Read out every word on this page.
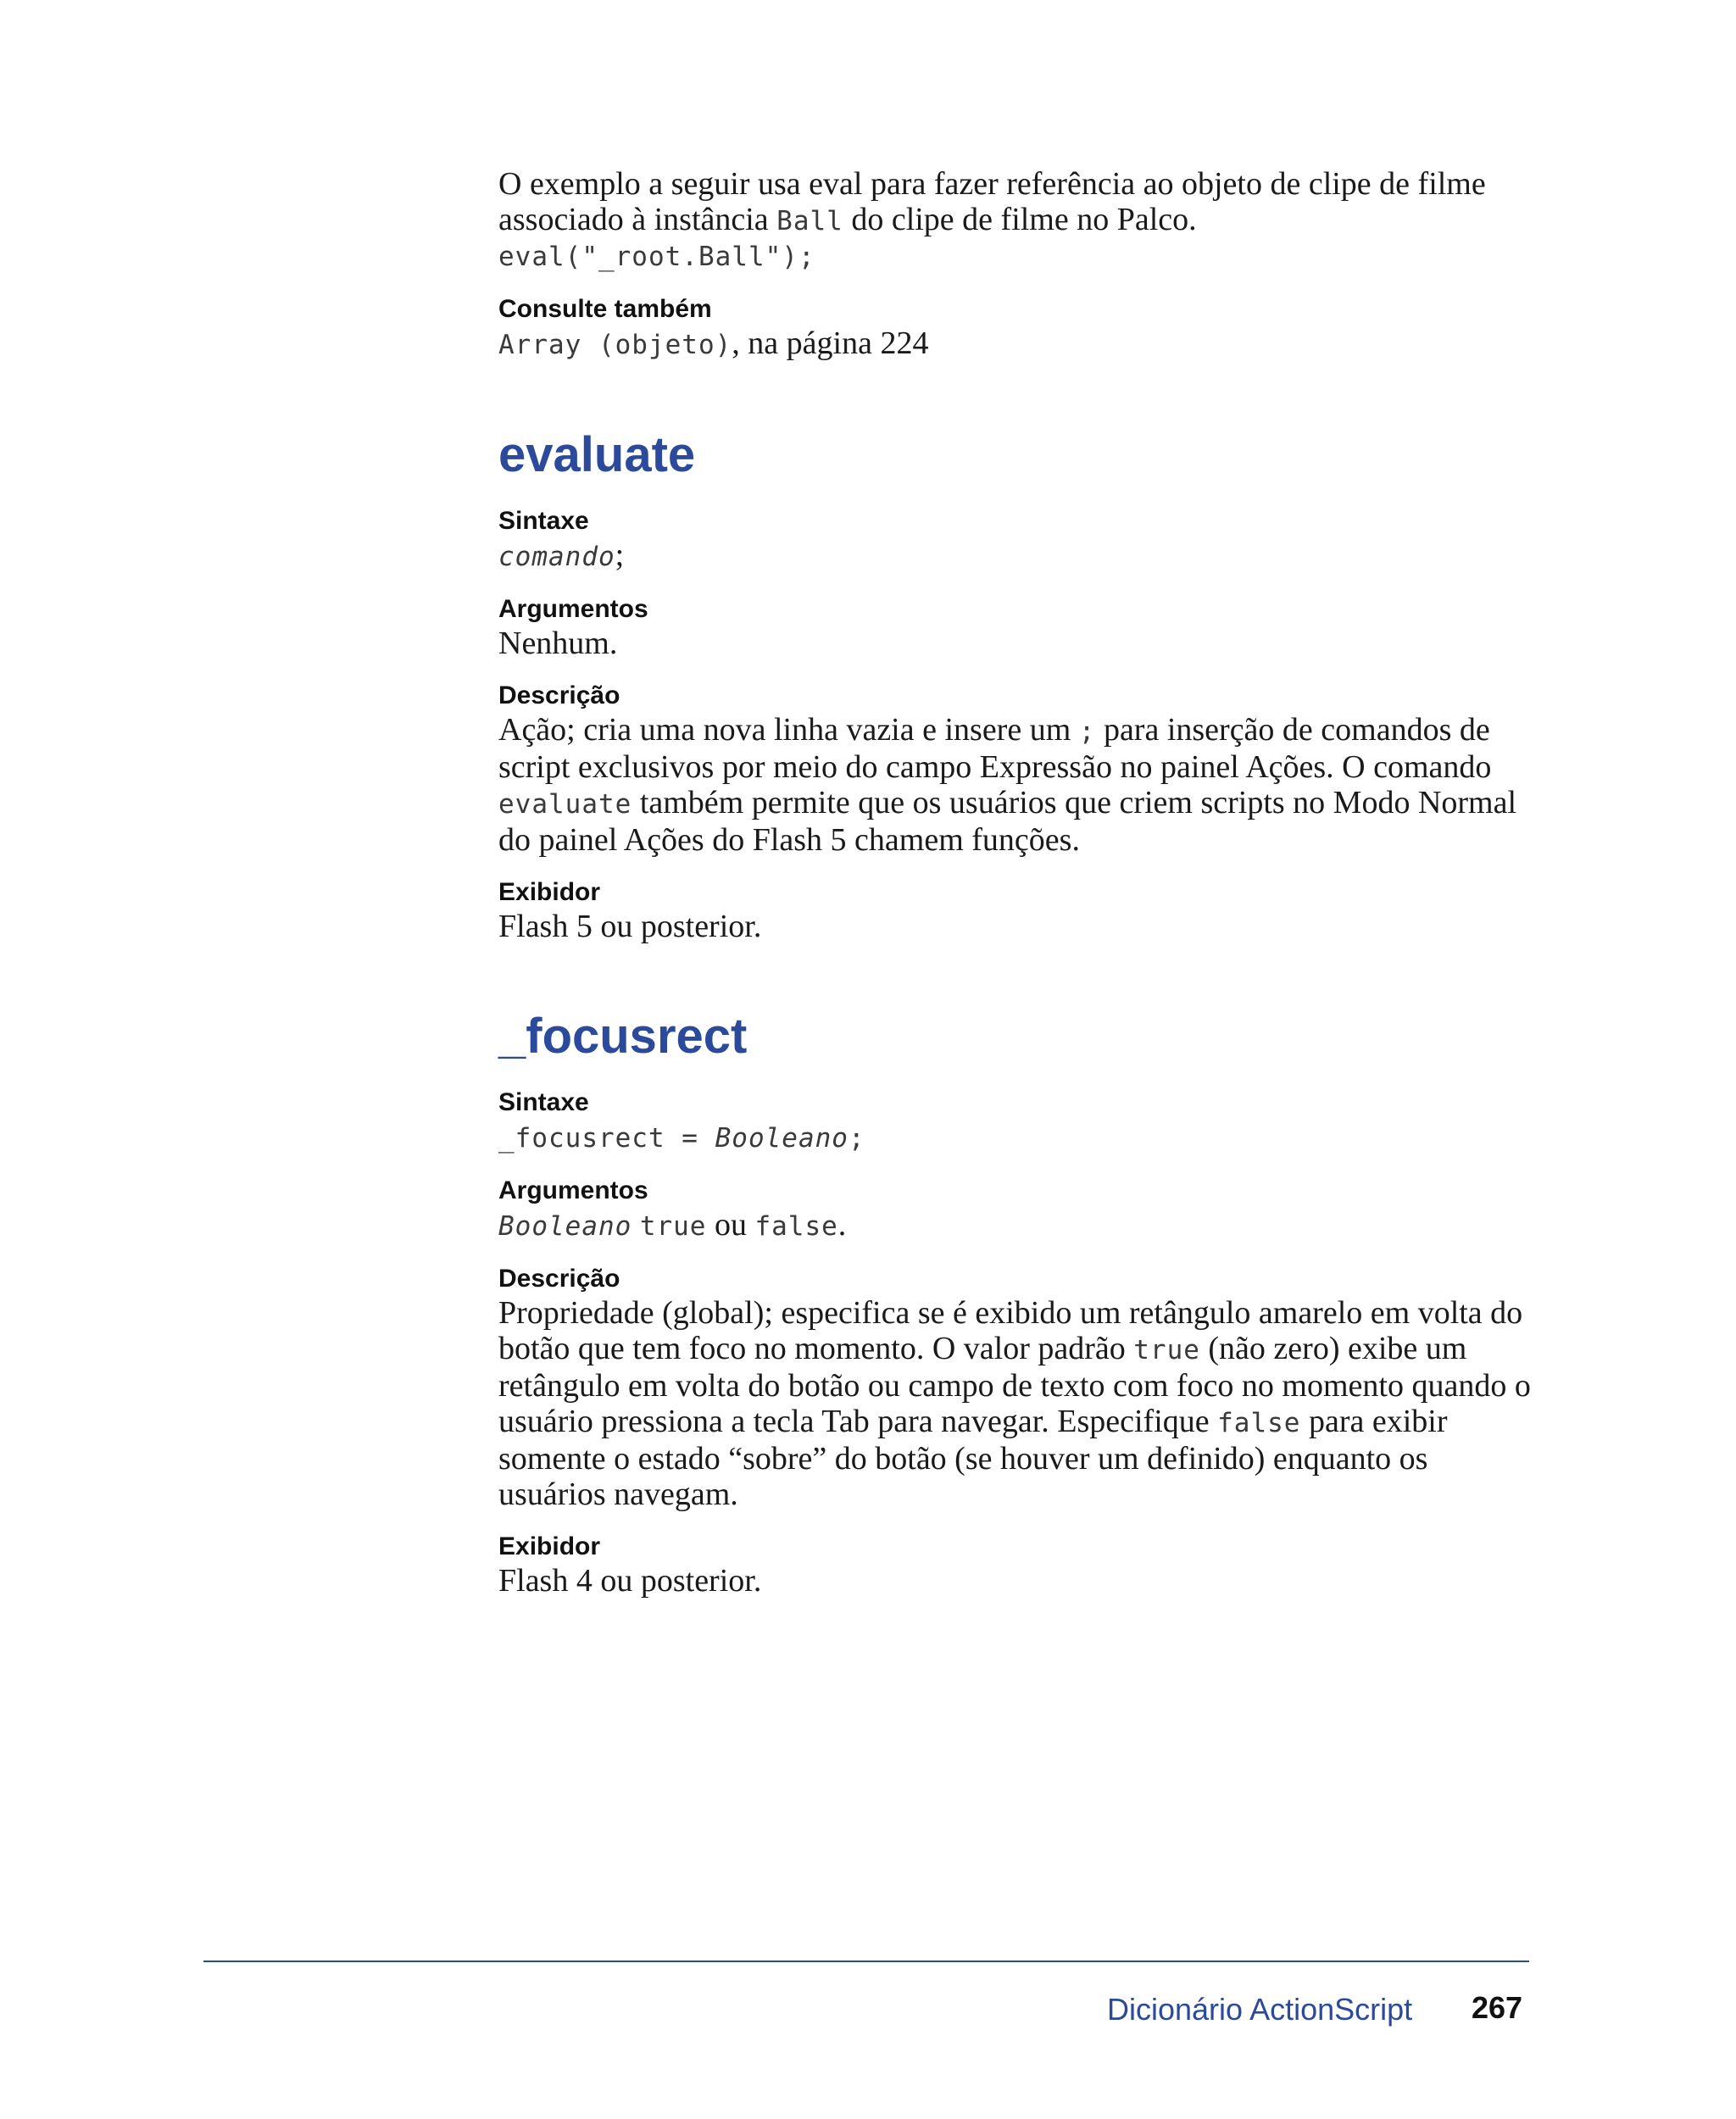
O exemplo a seguir usa eval para fazer referência ao objeto de clipe de filme associado à instância Ball do clipe de filme no Palco.

eval("_root.Ball");

Consulte também

Array (objeto), na página 224

evaluate

Sintaxe

comando;

Argumentos

Nenhum.

Descrição

Ação; cria uma nova linha vazia e insere um ; para inserção de comandos de script exclusivos por meio do campo Expressão no painel Ações. O comando evaluate também permite que os usuários que criem scripts no Modo Normal do painel Ações do Flash 5 chamem funções.

Exibidor

Flash 5 ou posterior.

_focusrect

Sintaxe

_focusrect = Booleano;

Argumentos

Booleano true ou false.

Descrição

Propriedade (global); especifica se é exibido um retângulo amarelo em volta do botão que tem foco no momento. O valor padrão true (não zero) exibe um retângulo em volta do botão ou campo de texto com foco no momento quando o usuário pressiona a tecla Tab para navegar. Especifique false para exibir somente o estado “sobre” do botão (se houver um definido) enquanto os usuários navegam.

Exibidor

Flash 4 ou posterior.

Dicionário ActionScript 267
